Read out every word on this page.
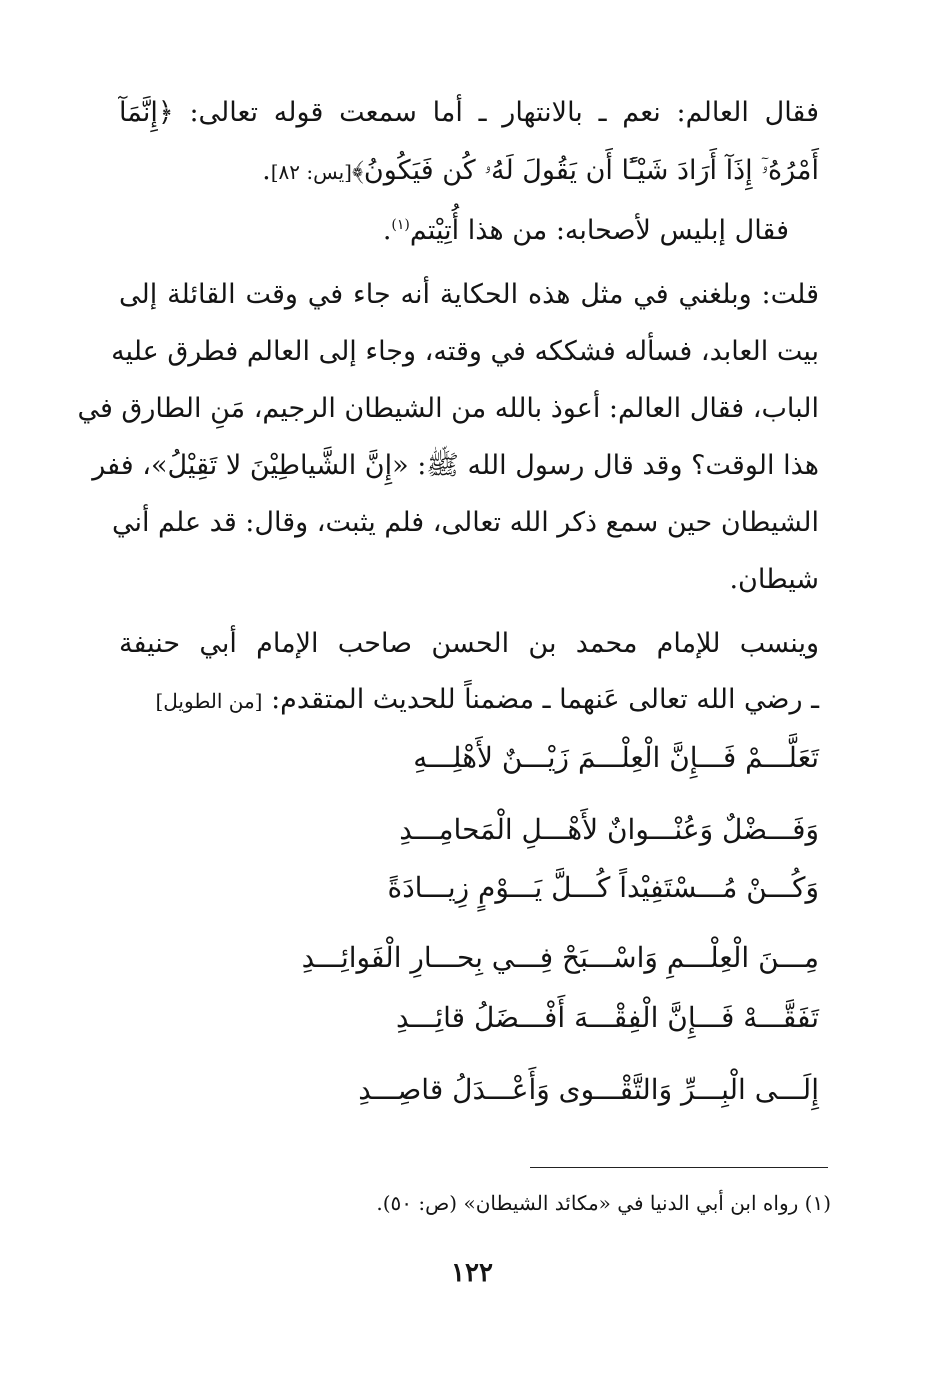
فقال العالم: نعم ـ بالانتهار ـ أما سمعت قوله تعالى: ﴿إِنَّمَآ
أَمْرُهُۥٓ إِذَآ أَرَادَ شَيْـًٔا أَن يَقُولَ لَهُۥ كُن فَيَكُونُ﴾[يس: ٨٢].
فقال إبليس لأصحابه: من هذا أُتِيْتم$^{(١)}$.
قلت: وبلغني في مثل هذه الحكاية أنه جاء في وقت القائلة إلى
بيت العابد، فسأله فشككه في وقته، وجاء إلى العالم فطرق عليه
الباب، فقال العالم: أعوذ بالله من الشيطان الرجيم، مَنِ الطارق في
هذا الوقت؟ وقد قال رسول الله ﷺ: «إِنَّ الشَّياطِيْنَ لا تَقِيْلُ»، ففر
الشيطان حين سمع ذكر الله تعالى، فلم يثبت، وقال: قد علم أني
شيطان.
وينسب للإمام محمد بن الحسن صاحب الإمام أبي حنيفة
ـ رضي الله تعالى عَنهما ـ مضمناً للحديث المتقدم: [من الطويل]
تَعَلَّـــمْ فَـــإِنَّ الْعِلْـــمَ زَيْـــنٌ لأَهْلِـــهِ
وَفَـــضْلٌ وَعُنْـــوانٌ لأَهْـــلِ الْمَحامِـــدِ
وَكُـــنْ مُـــسْتَفِيْداً كُـــلَّ يَـــوْمٍ زِيـــادَةً
مِـــنَ الْعِلْـــمِ وَاسْـــبَحْ فِـــي بِحـــارِ الْفَوائِـــدِ
تَفَقَّـــهْ فَـــإِنَّ الْفِقْـــهَ أَفْـــضَلُ قائِـــدِ
إِلَـــى الْبِـــرِّ وَالتَّقْـــوى وَأَعْـــدَلُ قاصِـــدِ
(١) رواه ابن أبي الدنيا في «مكائد الشيطان» (ص: ٥٠).
١٢٢
